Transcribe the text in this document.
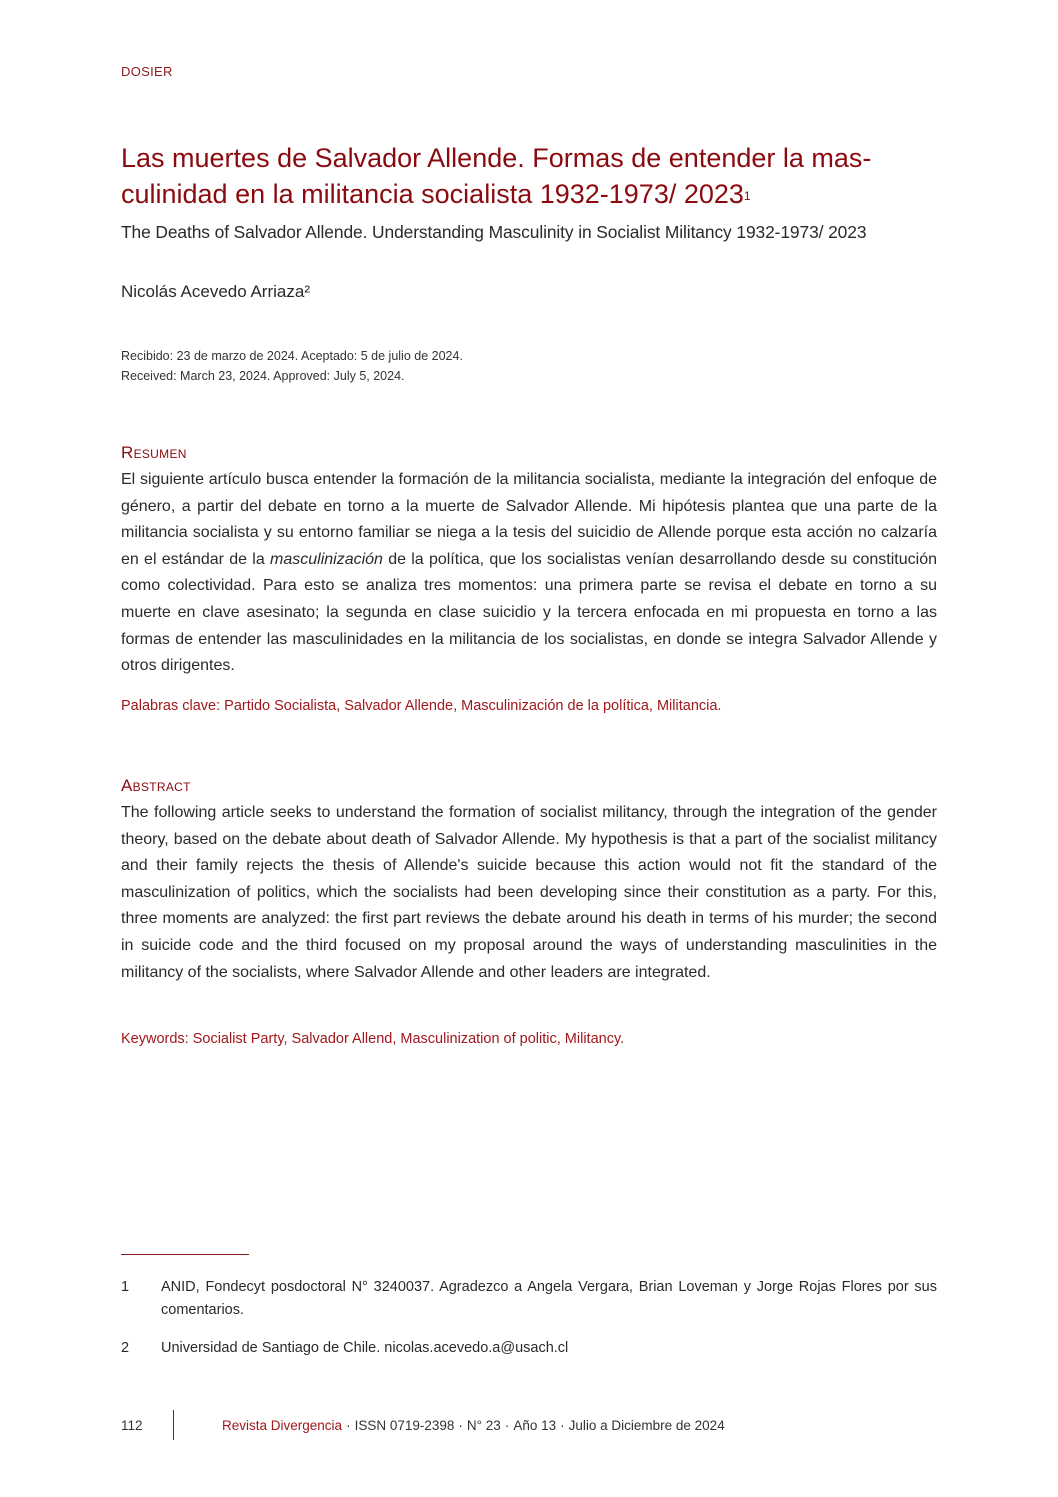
DOSIER
Las muertes de Salvador Allende. Formas de entender la mas-
culinidad en la militancia socialista 1932-1973/ 2023$^1$
The Deaths of Salvador Allende. Understanding Masculinity in Socialist Militancy 1932-1973/ 2023
Nicolás Acevedo Arriaza²
Recibido: 23 de marzo de 2024. Aceptado: 5 de julio de 2024.
Received: March 23, 2024. Approved: July 5, 2024.
Resumen

El siguiente artículo busca entender la formación de la militancia socialista, mediante la integración del enfoque de género, a partir del debate en torno a la muerte de Salvador Allende. Mi hipótesis plantea que una parte de la militancia socialista y su entorno familiar se niega a la tesis del suicidio de Allende porque esta acción no calzaría en el estándar de la masculinización de la política, que los socialistas venían desarrollando desde su constitución como colectividad. Para esto se analiza tres momentos: una primera parte se revisa el debate en torno a su muerte en clave asesinato; la segunda en clase suicidio y la tercera enfocada en mi propuesta en torno a las formas de entender las masculinidades en la militancia de los socialistas, en donde se integra Salvador Allende y otros dirigentes.

Palabras clave: Partido Socialista, Salvador Allende, Masculinización de la política, Militancia.
Abstract

The following article seeks to understand the formation of socialist militancy, through the integration of the gender theory, based on the debate about death of Salvador Allende. My hypothesis is that a part of the socialist militancy and their family rejects the thesis of Allende's suicide because this action would not fit the standard of the masculinization of politics, which the socialists had been developing since their constitution as a party. For this, three moments are analyzed: the first part reviews the debate around his death in terms of his murder; the second in suicide code and the third focused on my proposal around the ways of understanding masculinities in the militancy of the socialists, where Salvador Allende and other leaders are integrated.

Keywords: Socialist Party, Salvador Allend, Masculinization of politic, Militancy.
1	ANID, Fondecyt posdoctoral N° 3240037. Agradezco a Angela Vergara, Brian Loveman y Jorge Rojas Flores por sus comentarios.
2	Universidad de Santiago de Chile. nicolas.acevedo.a@usach.cl
112	Revista Divergencia · ISSN 0719-2398 · N° 23 · Año 13 · Julio a Diciembre de 2024
